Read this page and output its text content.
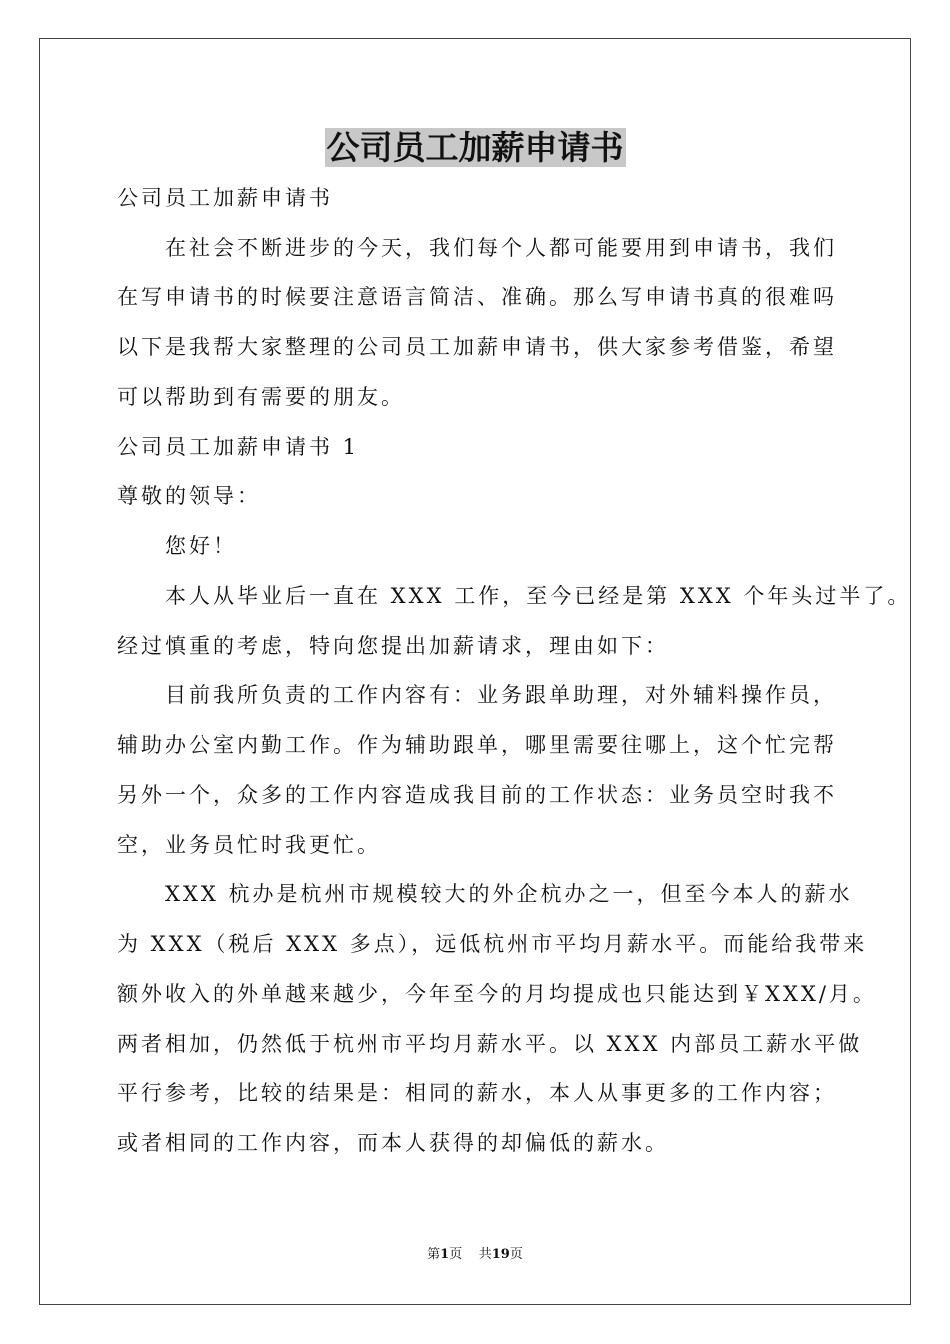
公司员工加薪申请书
公司员工加薪申请书
在社会不断进步的今天，我们每个人都可能要用到申请书，我们
在写申请书的时候要注意语言简洁、准确。那么写申请书真的很难吗
以下是我帮大家整理的公司员工加薪申请书，供大家参考借鉴，希望
可以帮助到有需要的朋友。
公司员工加薪申请书 1
尊敬的领导：
您好！
本人从毕业后一直在 XXX 工作，至今已经是第 XXX 个年头过半了。
经过慎重的考虑，特向您提出加薪请求，理由如下：
目前我所负责的工作内容有：业务跟单助理，对外辅料操作员，
辅助办公室内勤工作。作为辅助跟单，哪里需要往哪上，这个忙完帮
另外一个，众多的工作内容造成我目前的工作状态：业务员空时我不
空，业务员忙时我更忙。
XXX 杭办是杭州市规模较大的外企杭办之一，但至今本人的薪水
为 XXX（税后 XXX 多点），远低杭州市平均月薪水平。而能给我带来
额外收入的外单越来越少，今年至今的月均提成也只能达到￥XXX/月。
两者相加，仍然低于杭州市平均月薪水平。以 XXX 内部员工薪水平做
平行参考，比较的结果是：相同的薪水，本人从事更多的工作内容；
或者相同的工作内容，而本人获得的却偏低的薪水。
第1页 共19页
